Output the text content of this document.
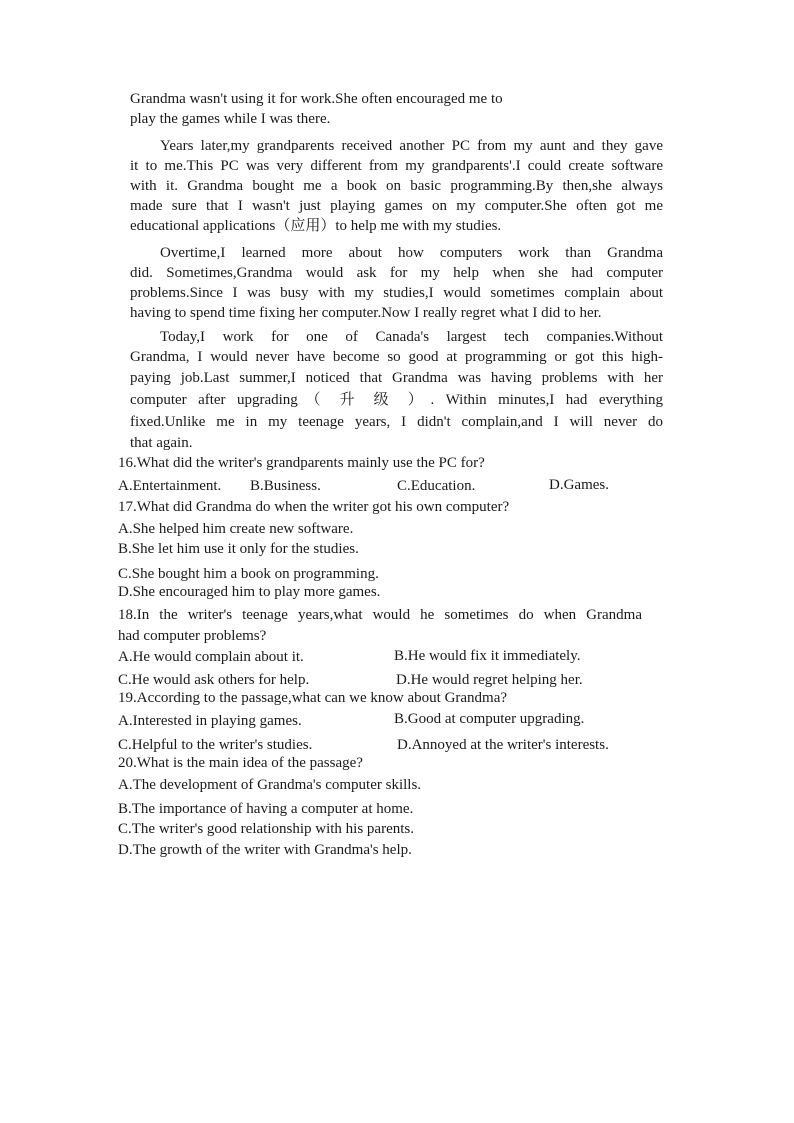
Grandma wasn't using it for work.She often encouraged me to
play the games while I was there.
Years later,my grandparents received another PC from my aunt and they gave
it to me.This PC was very different from my grandparents'.I could create software
with it. Grandma bought me a book on basic programming.By then,she always
made sure that I wasn't just playing games on my computer.She often got me
educational applications（应用）to help me with my studies.
Overtime,I learned more about how computers work than Grandma
did. Sometimes,Grandma would ask for my help when she had computer
problems.Since I was busy with my studies,I would sometimes complain about
having to spend time fixing her computer.Now I really regret what I did to her.
Today,I work for one of Canada's largest tech companies.Without
Grandma, I would never have become so good at programming or got this high-
paying job.Last summer,I noticed that Grandma was having problems with her
computer after upgrading（ 升 级 ）. Within minutes,I had everything
fixed.Unlike me in my teenage years, I didn't complain,and I will never do
that again.
16.What did the writer's grandparents mainly use the PC for?
A.Entertainment. B.Business.	C.Education.	D.Games.
17.What did Grandma do when the writer got his own computer?
A.She helped him create new software.
B.She let him use it only for the studies.
C.She bought him a book on programming.
D.She encouraged him to play more games.
18.In the writer's teenage years,what would he sometimes do when Grandma
had computer problems?
A.He would complain about it.	B.He would fix it immediately.
C.He would ask others for help.	D.He would regret helping her.
19.According to the passage,what can we know about Grandma?
A.Interested in playing games.	B.Good at computer upgrading.
C.Helpful to the writer's studies.	D.Annoyed at the writer's interests.
20.What is the main idea of the passage?
A.The development of Grandma's computer skills.
B.The importance of having a computer at home.
C.The writer's good relationship with his parents.
D.The growth of the writer with Grandma's help.
